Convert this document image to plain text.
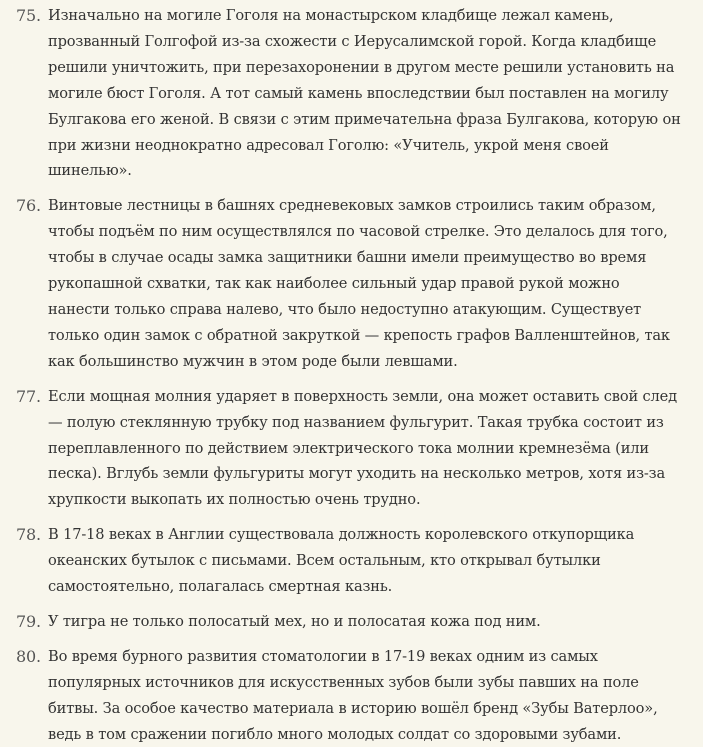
75. Изначально на могиле Гоголя на монастырском кладбище лежал камень, прозванный Голгофой из-за схожести с Иерусалимской горой. Когда кладбище решили уничтожить, при перезахоронении в другом месте решили установить на могиле бюст Гоголя. А тот самый камень впоследствии был поставлен на могилу Булгакова его женой. В связи с этим примечательна фраза Булгакова, которую он при жизни неоднократно адресовал Гоголю: «Учитель, укрой меня своей шинелью».
76. Винтовые лестницы в башнях средневековых замков строились таким образом, чтобы подъём по ним осуществлялся по часовой стрелке. Это делалось для того, чтобы в случае осады замка защитники башни имели преимущество во время рукопашной схватки, так как наиболее сильный удар правой рукой можно нанести только справа налево, что было недоступно атакующим. Существует только один замок с обратной закруткой — крепость графов Валленштейнов, так как большинство мужчин в этом роде были левшами.
77. Если мощная молния ударяет в поверхность земли, она может оставить свой след — полую стеклянную трубку под названием фульгурит. Такая трубка состоит из переплавленного по действием электрического тока молнии кремнезёма (или песка). Вглубь земли фульгуриты могут уходить на несколько метров, хотя из-за хрупкости выкопать их полностью очень трудно.
78. В 17-18 веках в Англии существовала должность королевского откупорщика океанских бутылок с письмами. Всем остальным, кто открывал бутылки самостоятельно, полагалась смертная казнь.
79. У тигра не только полосатый мех, но и полосатая кожа под ним.
80. Во время бурного развития стоматологии в 17-19 веках одним из самых популярных источников для искусственных зубов были зубы павших на поле битвы. За особое качество материала в историю вошёл бренд «Зубы Ватерлоо», ведь в том сражении погибло много молодых солдат со здоровыми зубами.
